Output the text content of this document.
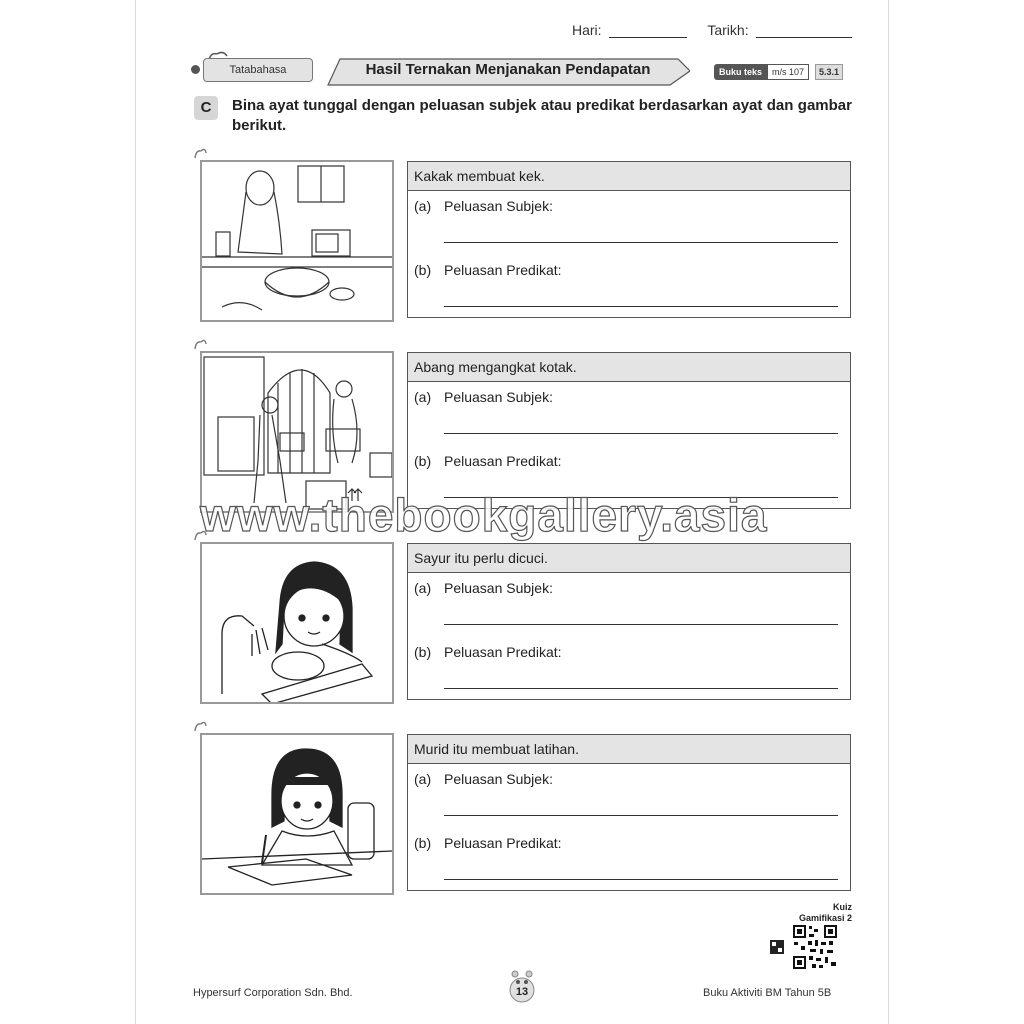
Hari:	Tarikh:
Tatabahasa	Hasil Ternakan Menjanakan Pendapatan	Buku teks	m/s 107	5.3.1
C	Bina ayat tunggal dengan peluasan subjek atau predikat berdasarkan ayat dan gambar berikut.
Kakak membuat kek.
(a) Peluasan Subjek:
(b) Peluasan Predikat:
Abang mengangkat kotak.
(a) Peluasan Subjek:
(b) Peluasan Predikat:
Sayur itu perlu dicuci.
(a) Peluasan Subjek:
(b) Peluasan Predikat:
Murid itu membuat latihan.
(a) Peluasan Subjek:
(b) Peluasan Predikat:
www.thebookgallery.asia
Kuiz
Gamifikasi 2
Hypersurf Corporation Sdn. Bhd.	13	Buku Aktiviti BM Tahun 5B
